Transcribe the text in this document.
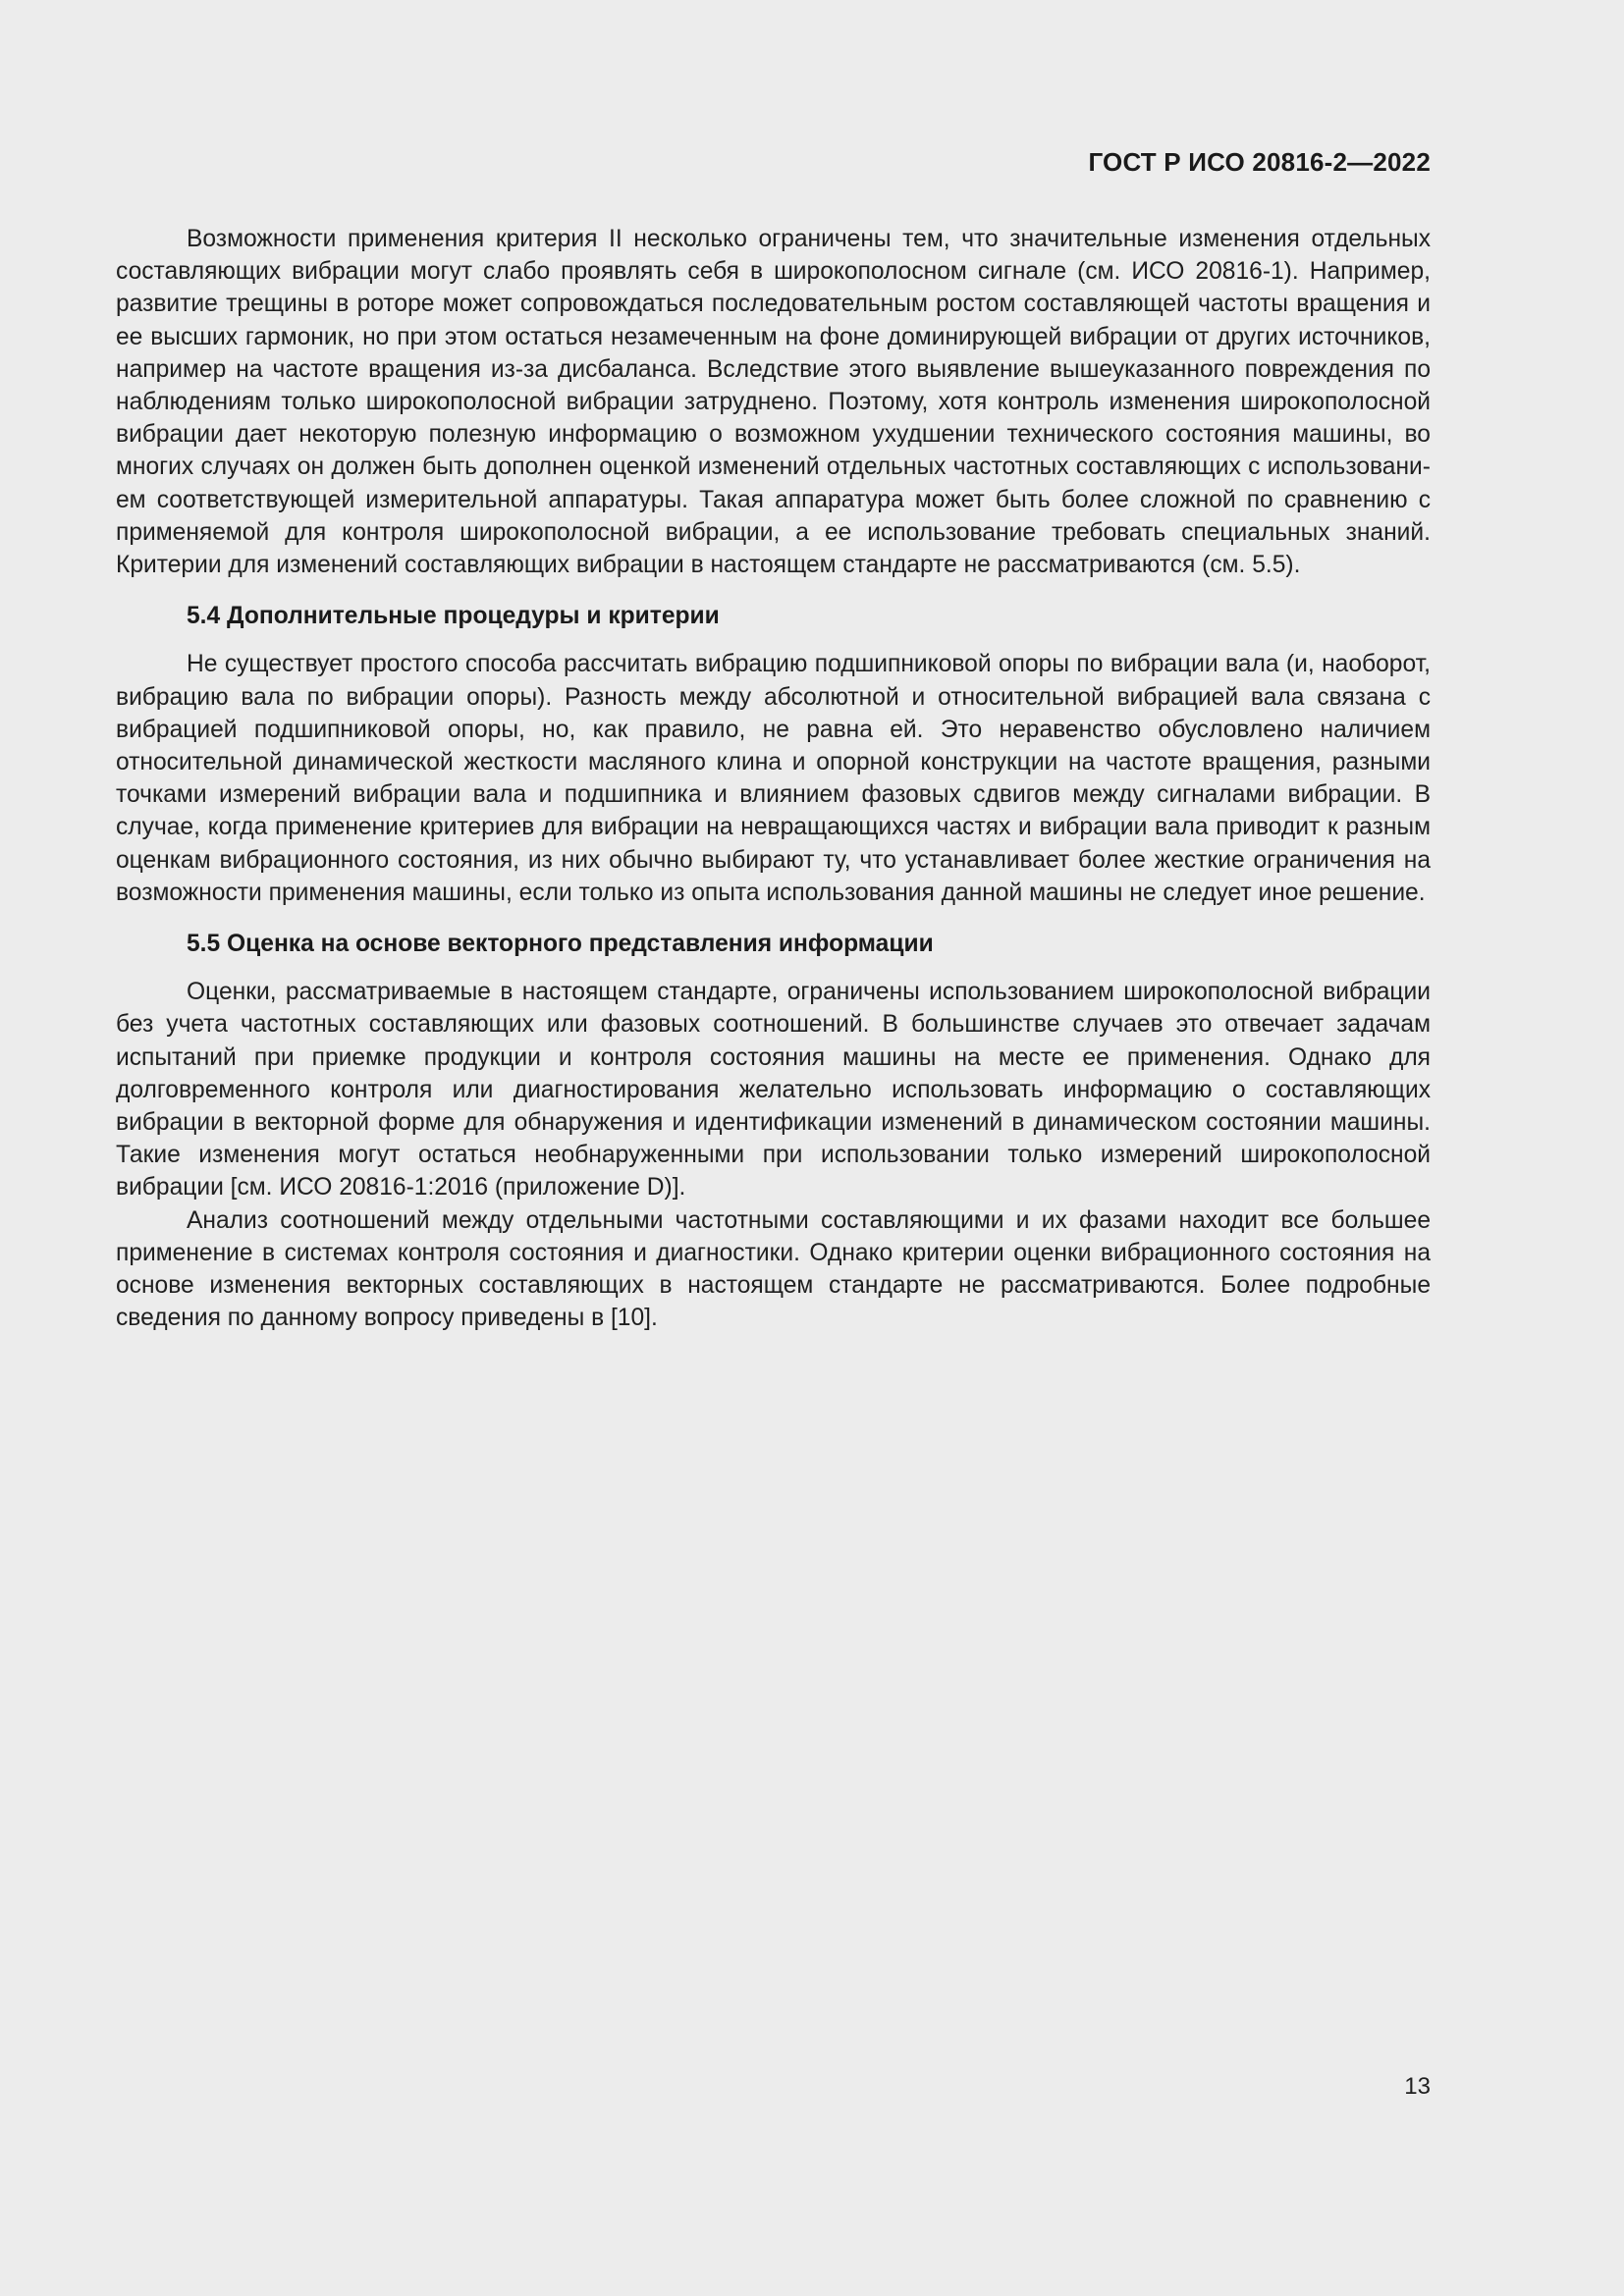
ГОСТ Р ИСО 20816-2—2022

Возможности применения критерия II несколько ограничены тем, что значительные изменения отдельных составляющих вибрации могут слабо проявлять себя в широкополосном сигнале (см. ИСО 20816-1). Например, развитие трещины в роторе может сопровождаться последовательным ростом составляющей частоты вращения и ее высших гармоник, но при этом остаться незамеченным на фоне доминирующей вибрации от других источников, например на частоте вращения из-за дисбаланса. Вследствие этого выявление вышеуказанного повреждения по наблюдениям только широкополосной вибрации затруднено. Поэтому, хотя контроль изменения широкополосной вибрации дает некоторую полезную информацию о возможном ухудшении технического состояния машины, во многих случаях он должен быть дополнен оценкой изменений отдельных частотных составляющих с использованием соответствующей измерительной аппаратуры. Такая аппаратура может быть более сложной по сравнению с применяемой для контроля широкополосной вибрации, а ее использование требовать специальных знаний. Критерии для изменений составляющих вибрации в настоящем стандарте не рассматриваются (см. 5.5).

5.4 Дополнительные процедуры и критерии

Не существует простого способа рассчитать вибрацию подшипниковой опоры по вибрации вала (и, наоборот, вибрацию вала по вибрации опоры). Разность между абсолютной и относительной вибрацией вала связана с вибрацией подшипниковой опоры, но, как правило, не равна ей. Это неравенство обусловлено наличием относительной динамической жесткости масляного клина и опорной конструкции на частоте вращения, разными точками измерений вибрации вала и подшипника и влиянием фазовых сдвигов между сигналами вибрации. В случае, когда применение критериев для вибрации на невращающихся частях и вибрации вала приводит к разным оценкам вибрационного состояния, из них обычно выбирают ту, что устанавливает более жесткие ограничения на возможности применения машины, если только из опыта использования данной машины не следует иное решение.

5.5 Оценка на основе векторного представления информации

Оценки, рассматриваемые в настоящем стандарте, ограничены использованием широкополосной вибрации без учета частотных составляющих или фазовых соотношений. В большинстве случаев это отвечает задачам испытаний при приемке продукции и контроля состояния машины на месте ее применения. Однако для долговременного контроля или диагностирования желательно использовать информацию о составляющих вибрации в векторной форме для обнаружения и идентификации изменений в динамическом состоянии машины. Такие изменения могут остаться необнаруженными при использовании только измерений широкополосной вибрации [см. ИСО 20816-1:2016 (приложение D)].

Анализ соотношений между отдельными частотными составляющими и их фазами находит все большее применение в системах контроля состояния и диагностики. Однако критерии оценки вибрационного состояния на основе изменения векторных составляющих в настоящем стандарте не рассматриваются. Более подробные сведения по данному вопросу приведены в [10].

13
